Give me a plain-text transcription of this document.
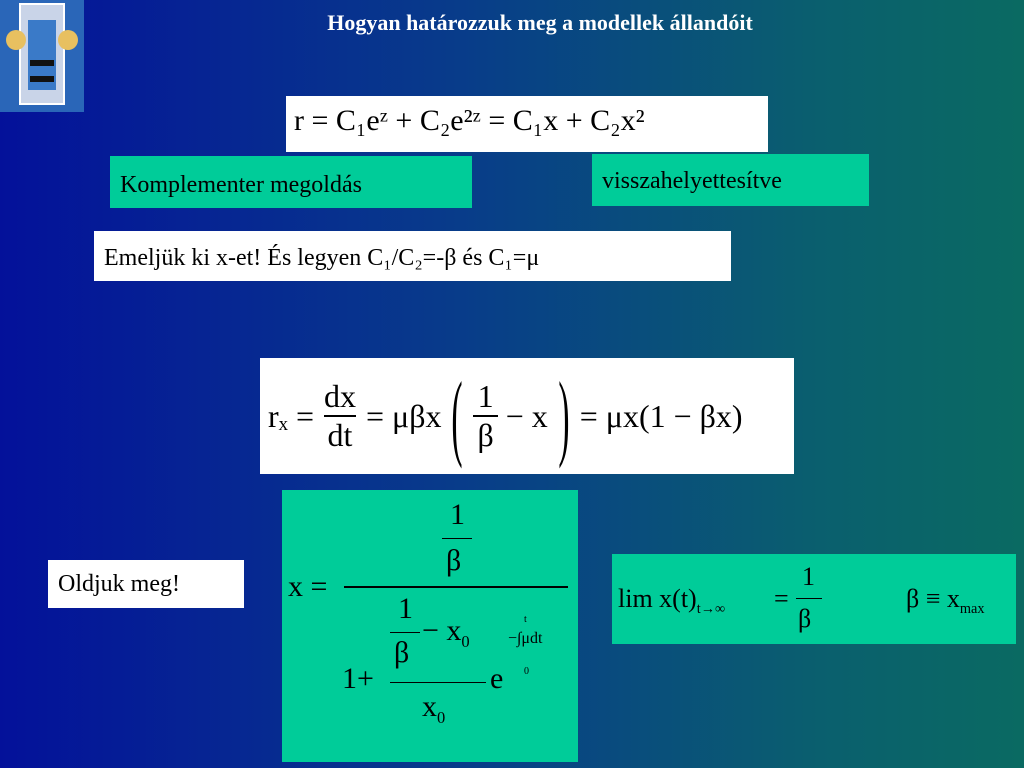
Hogyan határozzuk meg a modellek állandóit
r = C₁eᶻ + C₂e²ᶻ = C₁x + C₂x²
Komplementer megoldás	visszahelyettesítve
Emeljük ki x-et! És legyen C₁/C₂=-β és C₁=μ
$r_x = \frac{dx}{dt} = \mu\beta x$ ( $\frac{1}{\beta} - x$ ) = μx(1 − βx)
x =
1
β
1
β
− $x_0$
1+
$x_0$
e
t
−∫μdt
0
Oldjuk meg!	$\lim x(t)_{t\to\infty}$ =
1
β
$\beta \equiv x_{max}$
